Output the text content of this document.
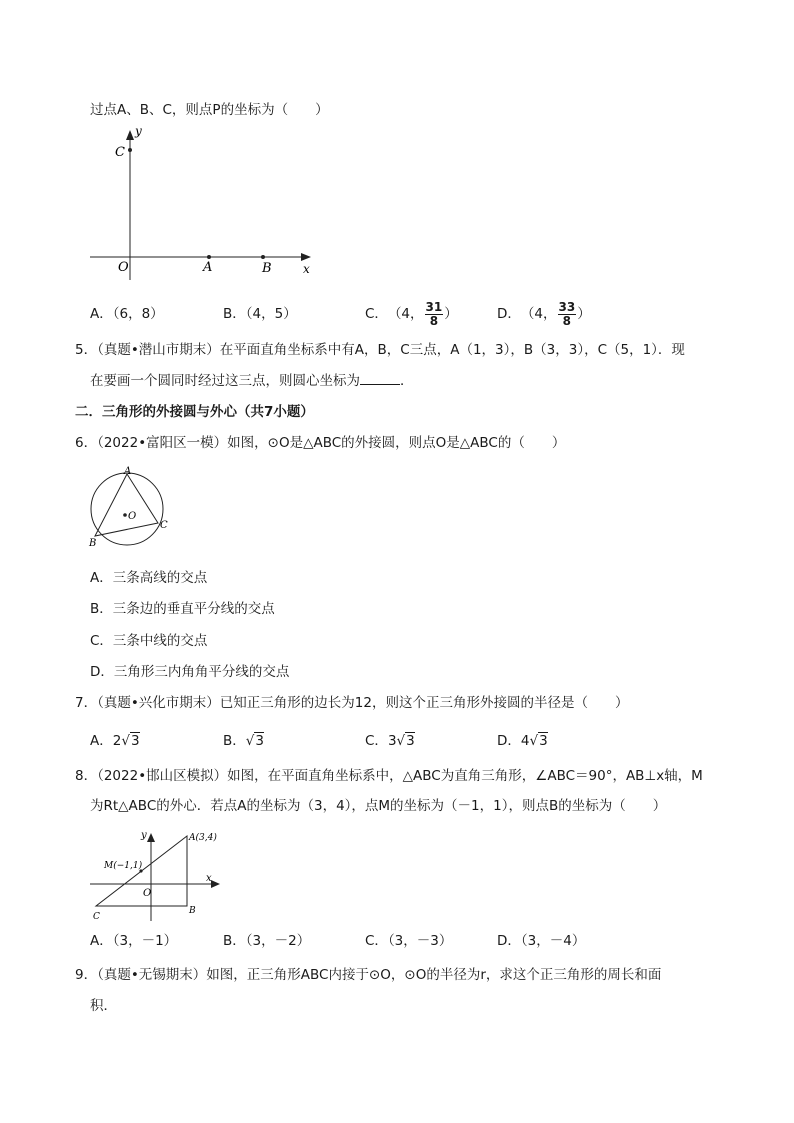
过点A、B、C，则点P的坐标为（　　）
y
x
C
O	A	B
A．（6，8）	B．（4，5）	C． （4， $\frac{31}{8}$ ）	D． （4， $\frac{33}{8}$ ）
5．（真题•潜山市期末）在平面直角坐标系中有A，B，C三点，A（1，3），B（3，3），C（5，1）．现
在要画一个圆同时经过这三点，则圆心坐标为	．
二．三角形的外接圆与外心（共7小题）
6．（2022•富阳区一模）如图，⊙O是△ABC的外接圆，则点O是△ABC的（　　）
A
B
C
O
A．三条高线的交点
B．三条边的垂直平分线的交点
C．三条中线的交点
D．三角形三内角角平分线的交点
7．（真题•兴化市期末）已知正三角形的边长为12，则这个正三角形外接圆的半径是（　　）
A．2√3	B．√3	C．3√3	D．4√3
8．（2022•邯山区模拟）如图，在平面直角坐标系中，△ABC为直角三角形，∠ABC＝90°，AB⊥x轴，M
为Rt△ABC的外心．若点A的坐标为（3，4），点M的坐标为（－1，1），则点B的坐标为（　　）
y
x
O
A(3,4)
M(−1,1)
B
C
A．（3，－1）	B．（3，－2）	C．（3，－3）	D．（3，－4）
9．（真题•无锡期末）如图，正三角形ABC内接于⊙O，⊙O的半径为r，求这个正三角形的周长和面
积．
